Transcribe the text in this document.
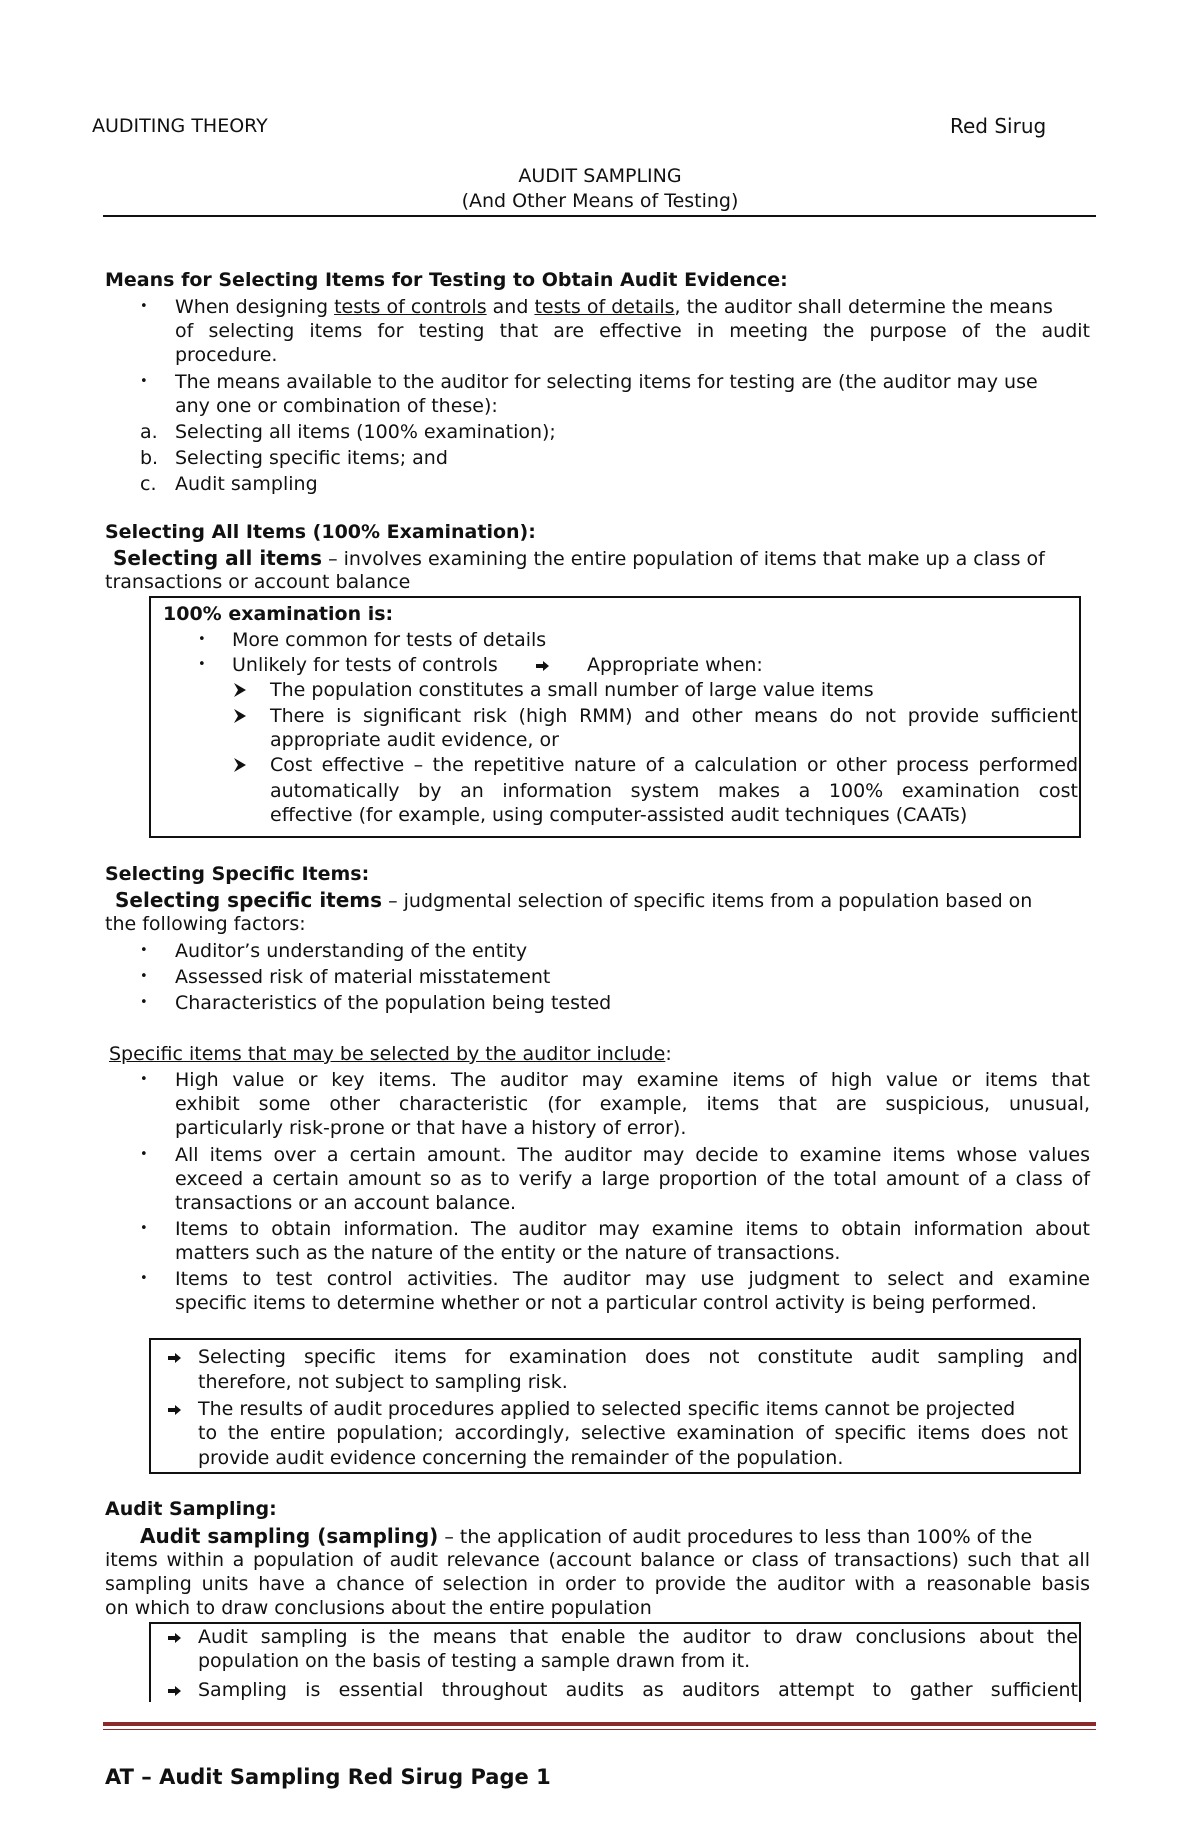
AUDITING THEORY	Red Sirug
AUDIT SAMPLING
(And Other Means of Testing)
Means for Selecting Items for Testing to Obtain Audit Evidence:
• When designing tests of controls and tests of details, the auditor shall determine the means
of selecting items for testing that are effective in meeting the purpose of the audit
procedure.
• The means available to the auditor for selecting items for testing are (the auditor may use
any one or combination of these):
a. Selecting all items (100% examination);
b. Selecting specific items; and
c. Audit sampling
Selecting All Items (100% Examination):
Selecting all items – involves examining the entire population of items that make up a class of
transactions or account balance
100% examination is:
• More common for tests of details
• Unlikely for tests of controls	Appropriate when:
The population constitutes a small number of large value items
There is significant risk (high RMM) and other means do not provide sufficient
appropriate audit evidence, or
Cost effective – the repetitive nature of a calculation or other process performed
automatically by an information system makes a 100% examination cost
effective (for example, using computer-assisted audit techniques (CAATs)
Selecting Specific Items:
Selecting specific items – judgmental selection of specific items from a population based on
the following factors:
• Auditor’s understanding of the entity
• Assessed risk of material misstatement
• Characteristics of the population being tested
Specific items that may be selected by the auditor include:
• High value or key items. The auditor may examine items of high value or items that
exhibit some other characteristic (for example, items that are suspicious, unusual,
particularly risk-prone or that have a history of error).
• All items over a certain amount. The auditor may decide to examine items whose values
exceed a certain amount so as to verify a large proportion of the total amount of a class of
transactions or an account balance.
• Items to obtain information. The auditor may examine items to obtain information about
matters such as the nature of the entity or the nature of transactions.
• Items to test control activities. The auditor may use judgment to select and examine
specific items to determine whether or not a particular control activity is being performed.
Selecting specific items for examination does not constitute audit sampling and
therefore, not subject to sampling risk.
The results of audit procedures applied to selected specific items cannot be projected
to the entire population; accordingly, selective examination of specific items does not
provide audit evidence concerning the remainder of the population.
Audit Sampling:
Audit sampling (sampling) – the application of audit procedures to less than 100% of the
items within a population of audit relevance (account balance or class of transactions) such that all
sampling units have a chance of selection in order to provide the auditor with a reasonable basis
on which to draw conclusions about the entire population
Audit sampling is the means that enable the auditor to draw conclusions about the
population on the basis of testing a sample drawn from it.
Sampling is essential throughout audits as auditors attempt to gather sufficient
AT – Audit Sampling Red Sirug Page 1
